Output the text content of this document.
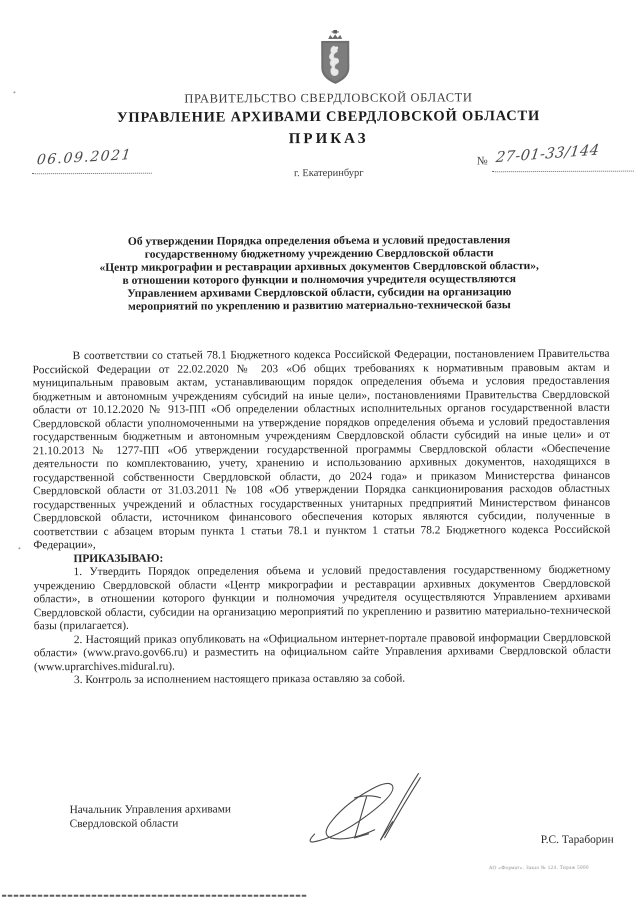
ПРАВИТЕЛЬСТВО СВЕРДЛОВСКОЙ ОБЛАСТИ
УПРАВЛЕНИЕ АРХИВАМИ СВЕРДЛОВСКОЙ ОБЛАСТИ
ПРИКАЗ
06.09.2021	№ 27-01-33/144
г. Екатеринбург
Об утверждении Порядка определения объема и условий предоставления
государственному бюджетному учреждению Свердловской области
«Центр микрографии и реставрации архивных документов Свердловской области»,
в отношении которого функции и полномочия учредителя осуществляются
Управлением архивами Свердловской области, субсидии на организацию
мероприятий по укреплению и развитию материально-технической базы

В соответствии со статьей 78.1 Бюджетного кодекса Российской Федерации, постановлением Правительства Российской Федерации от 22.02.2020 № 203 «Об общих требованиях к нормативным правовым актам и муниципальным правовым актам, устанавливающим порядок определения объема и условия предоставления бюджетным и автономным учреждениям субсидий на иные цели», постановлениями Правительства Свердловской области от 10.12.2020 № 913-ПП «Об определении областных исполнительных органов государственной власти Свердловской области уполномоченными на утверждение порядков определения объема и условий предоставления государственным бюджетным и автономным учреждениям Свердловской области субсидий на иные цели» и от 21.10.2013 № 1277-ПП «Об утверждении государственной программы Свердловской области «Обеспечение деятельности по комплектованию, учету, хранению и использованию архивных документов, находящихся в государственной собственности Свердловской области, до 2024 года» и приказом Министерства финансов Свердловской области от 31.03.2011 № 108 «Об утверждении Порядка санкционирования расходов областных государственных учреждений и областных государственных унитарных предприятий Министерством финансов Свердловской области, источником финансового обеспечения которых являются субсидии, полученные в соответствии с абзацем вторым пункта 1 статьи 78.1 и пунктом 1 статьи 78.2 Бюджетного кодекса Российской Федерации»,

ПРИКАЗЫВАЮ:

1. Утвердить Порядок определения объема и условий предоставления государственному бюджетному учреждению Свердловской области «Центр микрографии и реставрации архивных документов Свердловской области», в отношении которого функции и полномочия учредителя осуществляются Управлением архивами Свердловской области, субсидии на организацию мероприятий по укреплению и развитию материально-технической базы (прилагается).

2. Настоящий приказ опубликовать на «Официальном интернет-портале правовой информации Свердловской области» (www.pravo.gov66.ru) и разместить на официальном сайте Управления архивами Свердловской области (www.uprarchives.midural.ru).

3. Контроль за исполнением настоящего приказа оставляю за собой.

Начальник Управления архивами
Свердловской области
Р.С. Тараборин
АО «Формат». Заказ № 124. Тираж 5000
